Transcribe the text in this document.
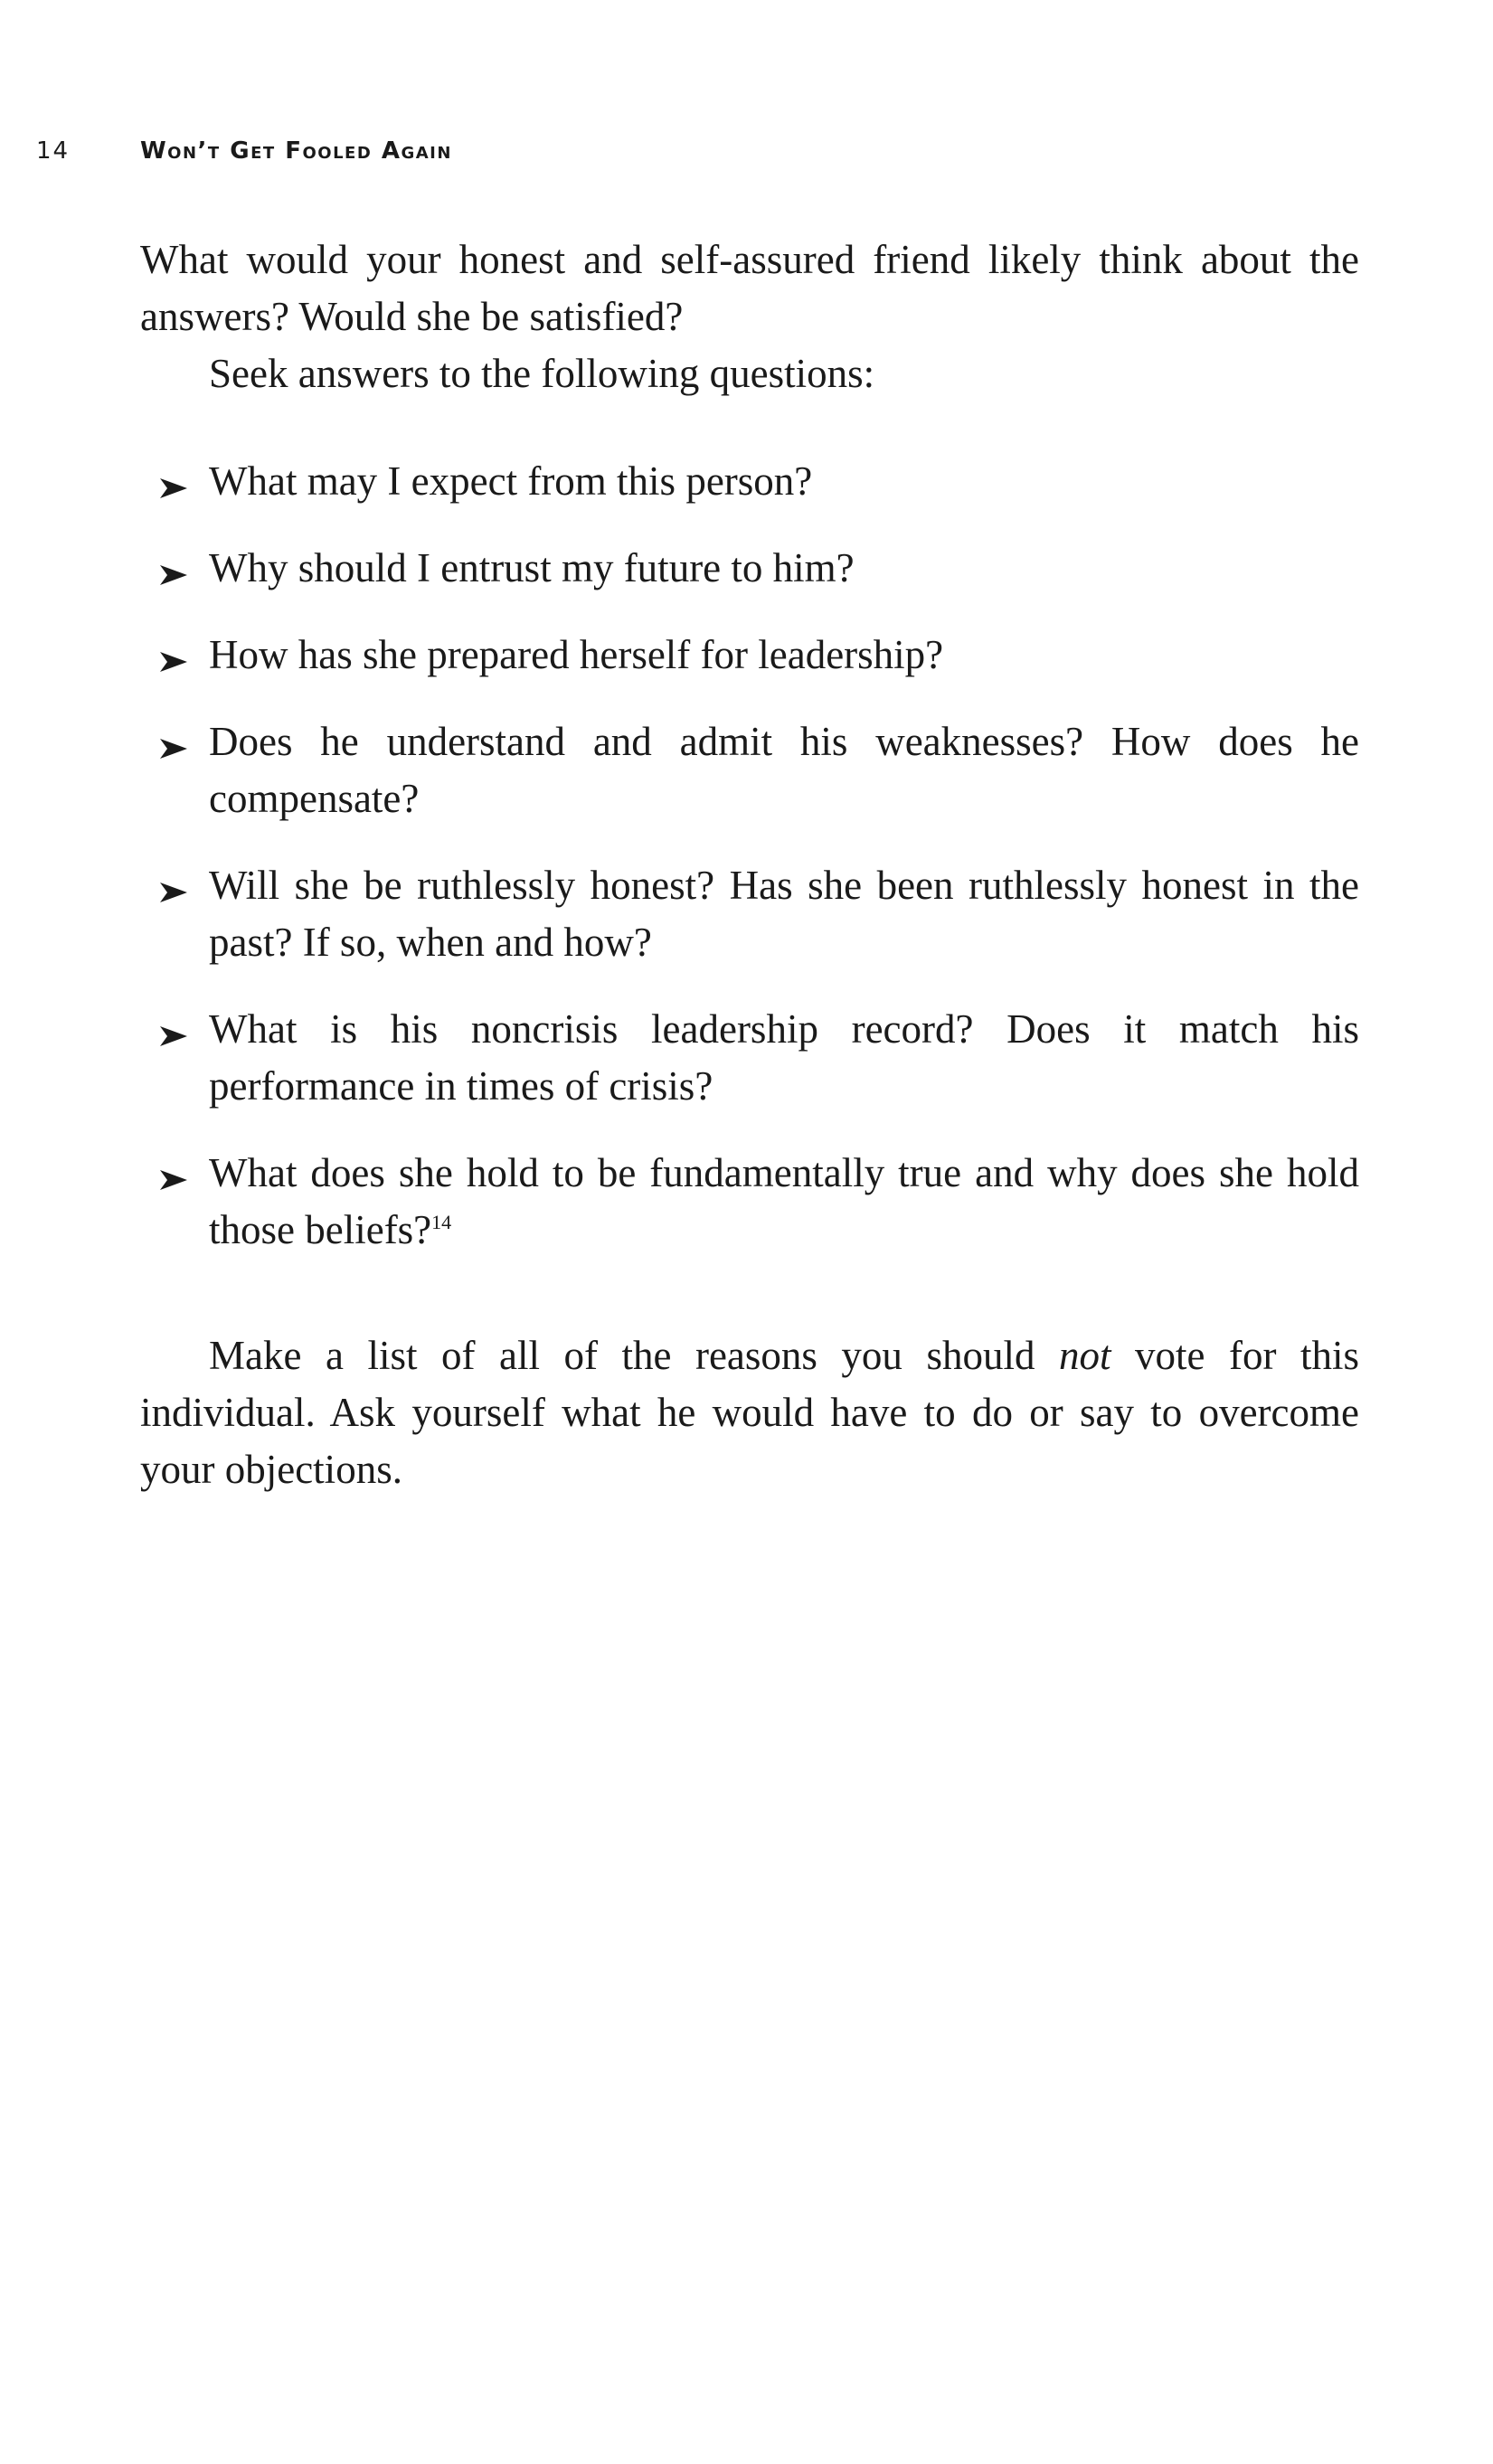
14	Won’t Get Fooled Again

What would your honest and self-assured friend likely think about the answers? Would she be satisfied?

Seek answers to the following questions:

What may I expect from this person?
Why should I entrust my future to him?
How has she prepared herself for leadership?
Does he understand and admit his weaknesses? How does he compensate?
Will she be ruthlessly honest? Has she been ruthlessly honest in the past? If so, when and how?
What is his noncrisis leadership record? Does it match his performance in times of crisis?
What does she hold to be fundamentally true and why does she hold those beliefs?$^{14}$

Make a list of all of the reasons you should not vote for this individual. Ask yourself what he would have to do or say to overcome your objections.
